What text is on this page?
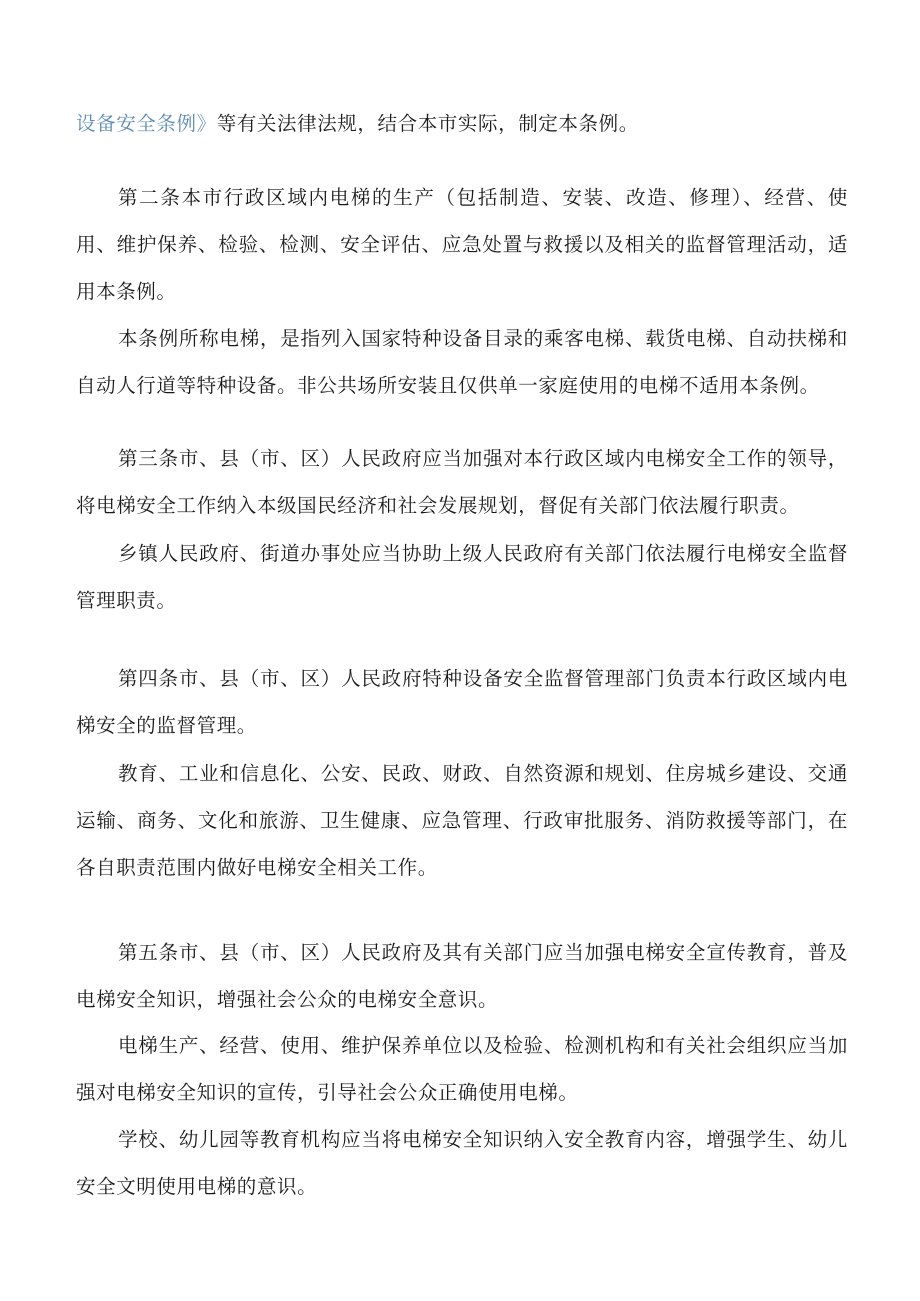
设备安全条例》等有关法律法规，结合本市实际，制定本条例。

第二条本市行政区域内电梯的生产（包括制造、安装、改造、修理）、经营、使用、维护保养、检验、检测、安全评估、应急处置与救援以及相关的监督管理活动，适用本条例。

本条例所称电梯，是指列入国家特种设备目录的乘客电梯、载货电梯、自动扶梯和自动人行道等特种设备。非公共场所安装且仅供单一家庭使用的电梯不适用本条例。

第三条市、县（市、区）人民政府应当加强对本行政区域内电梯安全工作的领导，将电梯安全工作纳入本级国民经济和社会发展规划，督促有关部门依法履行职责。

乡镇人民政府、街道办事处应当协助上级人民政府有关部门依法履行电梯安全监督管理职责。

第四条市、县（市、区）人民政府特种设备安全监督管理部门负责本行政区域内电梯安全的监督管理。

教育、工业和信息化、公安、民政、财政、自然资源和规划、住房城乡建设、交通运输、商务、文化和旅游、卫生健康、应急管理、行政审批服务、消防救援等部门，在各自职责范围内做好电梯安全相关工作。

第五条市、县（市、区）人民政府及其有关部门应当加强电梯安全宣传教育，普及电梯安全知识，增强社会公众的电梯安全意识。

电梯生产、经营、使用、维护保养单位以及检验、检测机构和有关社会组织应当加强对电梯安全知识的宣传，引导社会公众正确使用电梯。

学校、幼儿园等教育机构应当将电梯安全知识纳入安全教育内容，增强学生、幼儿安全文明使用电梯的意识。
